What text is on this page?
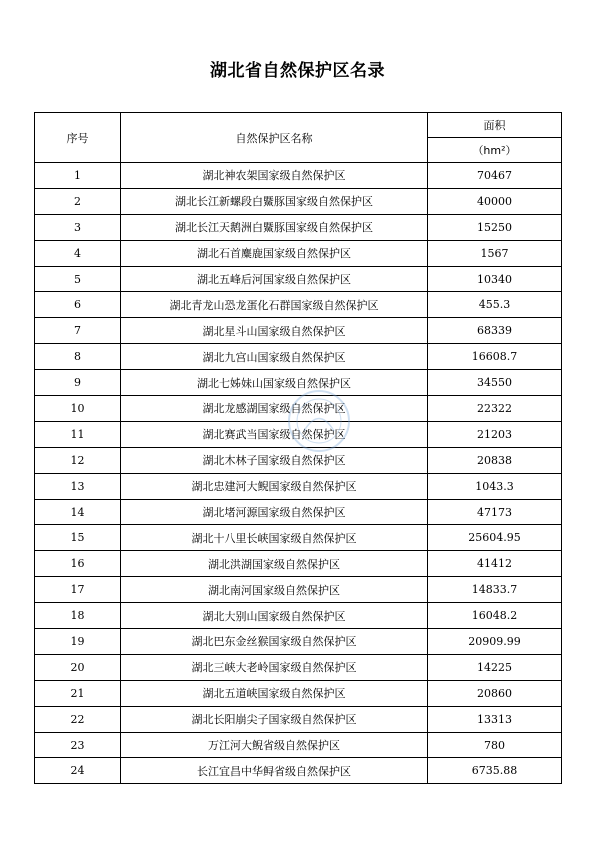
湖北省自然保护区名录
序号	自然保护区名称	面积
		（hm²）
1	湖北神农架国家级自然保护区	70467
2	湖北长江新螺段白鱀豚国家级自然保护区	40000
3	湖北长江天鹅洲白鱀豚国家级自然保护区	15250
4	湖北石首麋鹿国家级自然保护区	1567
5	湖北五峰后河国家级自然保护区	10340
6	湖北青龙山恐龙蛋化石群国家级自然保护区	455.3
7	湖北星斗山国家级自然保护区	68339
8	湖北九宫山国家级自然保护区	16608.7
9	湖北七姊妹山国家级自然保护区	34550
10	湖北龙感湖国家级自然保护区	22322
11	湖北赛武当国家级自然保护区	21203
12	湖北木林子国家级自然保护区	20838
13	湖北忠建河大鲵国家级自然保护区	1043.3
14	湖北堵河源国家级自然保护区	47173
15	湖北十八里长峡国家级自然保护区	25604.95
16	湖北洪湖国家级自然保护区	41412
17	湖北南河国家级自然保护区	14833.7
18	湖北大别山国家级自然保护区	16048.2
19	湖北巴东金丝猴国家级自然保护区	20909.99
20	湖北三峡大老岭国家级自然保护区	14225
21	湖北五道峡国家级自然保护区	20860
22	湖北长阳崩尖子国家级自然保护区	13313
23	万江河大鲵省级自然保护区	780
24	长江宜昌中华鲟省级自然保护区	6735.88
